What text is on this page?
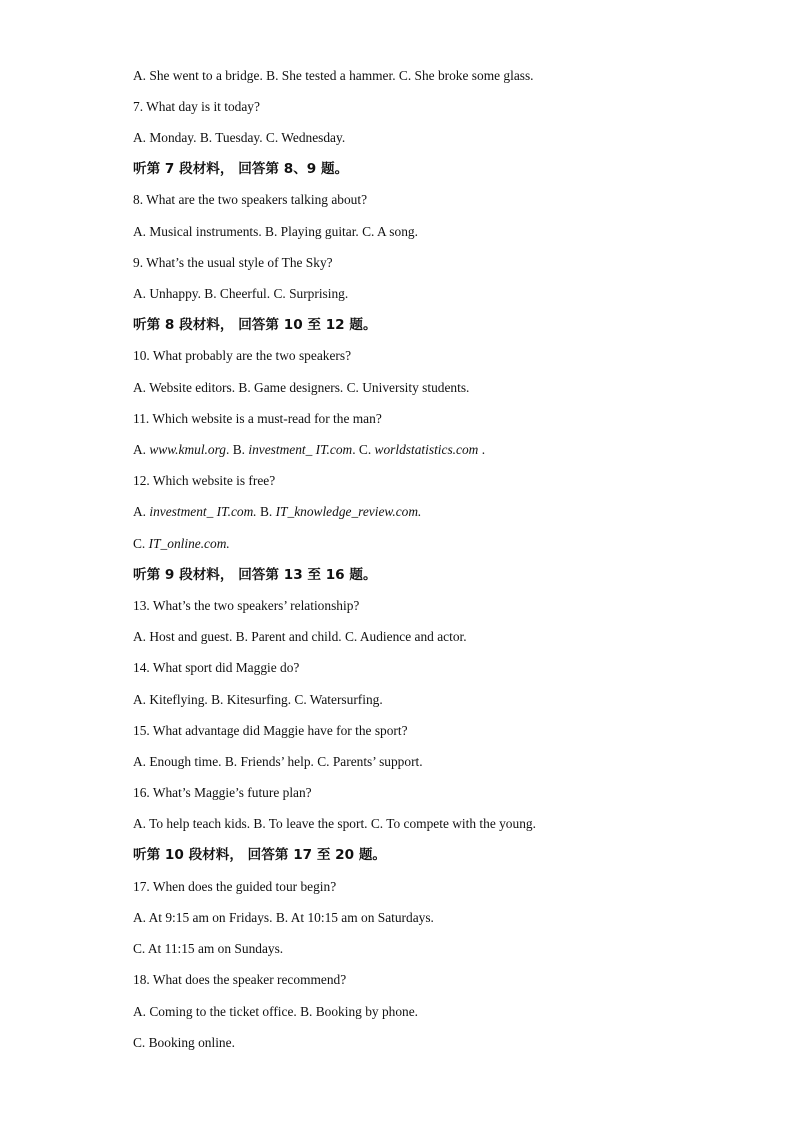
A. She went to a bridge. B. She tested a hammer. C. She broke some glass.
7. What day is it today?
A. Monday. B. Tuesday. C. Wednesday.
听第 7 段材料， 回答第 8、9 题。
8. What are the two speakers talking about?
A. Musical instruments. B. Playing guitar. C. A song.
9. What’s the usual style of The Sky?
A. Unhappy. B. Cheerful. C. Surprising.
听第 8 段材料， 回答第 10 至 12 题。
10. What probably are the two speakers?
A. Website editors. B. Game designers. C. University students.
11. Which website is a must-read for the man?
A. www.kmul.org. B. investment_ IT.com. C. worldstatistics.com .
12. Which website is free?
A. investment_ IT.com. B. IT_knowledge_review.com.
C. IT_online.com.
听第 9 段材料， 回答第 13 至 16 题。
13. What’s the two speakers’ relationship?
A. Host and guest. B. Parent and child. C. Audience and actor.
14. What sport did Maggie do?
A. Kiteflying. B. Kitesurfing. C. Watersurfing.
15. What advantage did Maggie have for the sport?
A. Enough time. B. Friends’ help. C. Parents’ support.
16. What’s Maggie’s future plan?
A. To help teach kids. B. To leave the sport. C. To compete with the young.
听第 10 段材料， 回答第 17 至 20 题。
17. When does the guided tour begin?
A. At 9:15 am on Fridays. B. At 10:15 am on Saturdays.
C. At 11:15 am on Sundays.
18. What does the speaker recommend?
A. Coming to the ticket office. B. Booking by phone.
C. Booking online.
